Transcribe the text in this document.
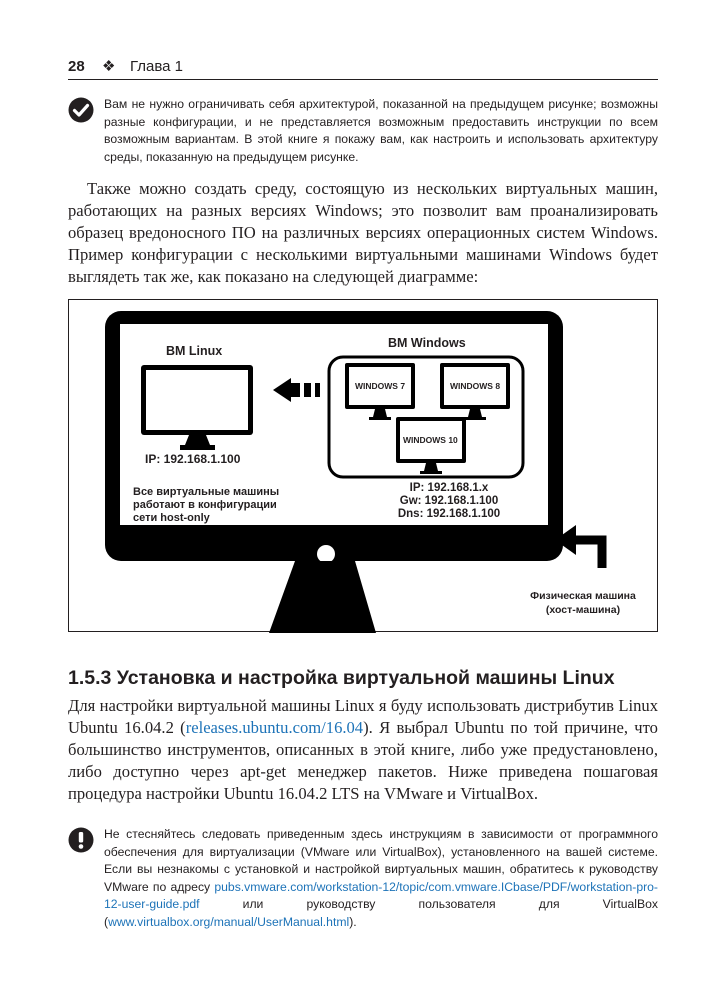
28 ❖ Глава 1

Вам не нужно ограничивать себя архитектурой, показанной на предыдущем рисунке; возможны разные конфигурации, и не представляется возможным предоставить инструкции по всем возможным вариантам. В этой книге я покажу вам, как настроить и использовать архитектуру среды, показанную на предыдущем рисунке.

Также можно создать среду, состоящую из нескольких виртуальных машин, работающих на разных версиях Windows; это позволит вам проанализировать образец вредоносного ПО на различных версиях операционных систем Windows. Пример конфигурации с несколькими виртуальными машинами Windows будет выглядеть так же, как показано на следующей диаграмме:

ВМ Linux
IP: 192.168.1.100
ВМ Windows
WINDOWS 7	WINDOWS 8
WINDOWS 10
Все виртуальные машины
работают в конфигурации
сети host-only
IP: 192.168.1.x
Gw: 192.168.1.100
Dns: 192.168.1.100
Физическая машина
(хост-машина)
1.5.3 Установка и настройка виртуальной машины Linux

Для настройки виртуальной машины Linux я буду использовать дистрибутив Linux Ubuntu 16.04.2 (releases.ubuntu.com/16.04). Я выбрал Ubuntu по той причине, что большинство инструментов, описанных в этой книге, либо уже предустановлено, либо доступно через apt-get менеджер пакетов. Ниже приведена пошаговая процедура настройки Ubuntu 16.04.2 LTS на VMware и VirtualBox.

Не стесняйтесь следовать приведенным здесь инструкциям в зависимости от программного обеспечения для виртуализации (VMware или VirtualBox), установленного на вашей системе. Если вы незнакомы с установкой и настройкой виртуальных машин, обратитесь к руководству VMware по адресу pubs.vmware.com/workstation-12/topic/com.vmware.ICbase/PDF/workstation-pro-12-user-guide.pdf или руководству пользователя для VirtualBox (www.virtualbox.org/manual/UserManual.html).
